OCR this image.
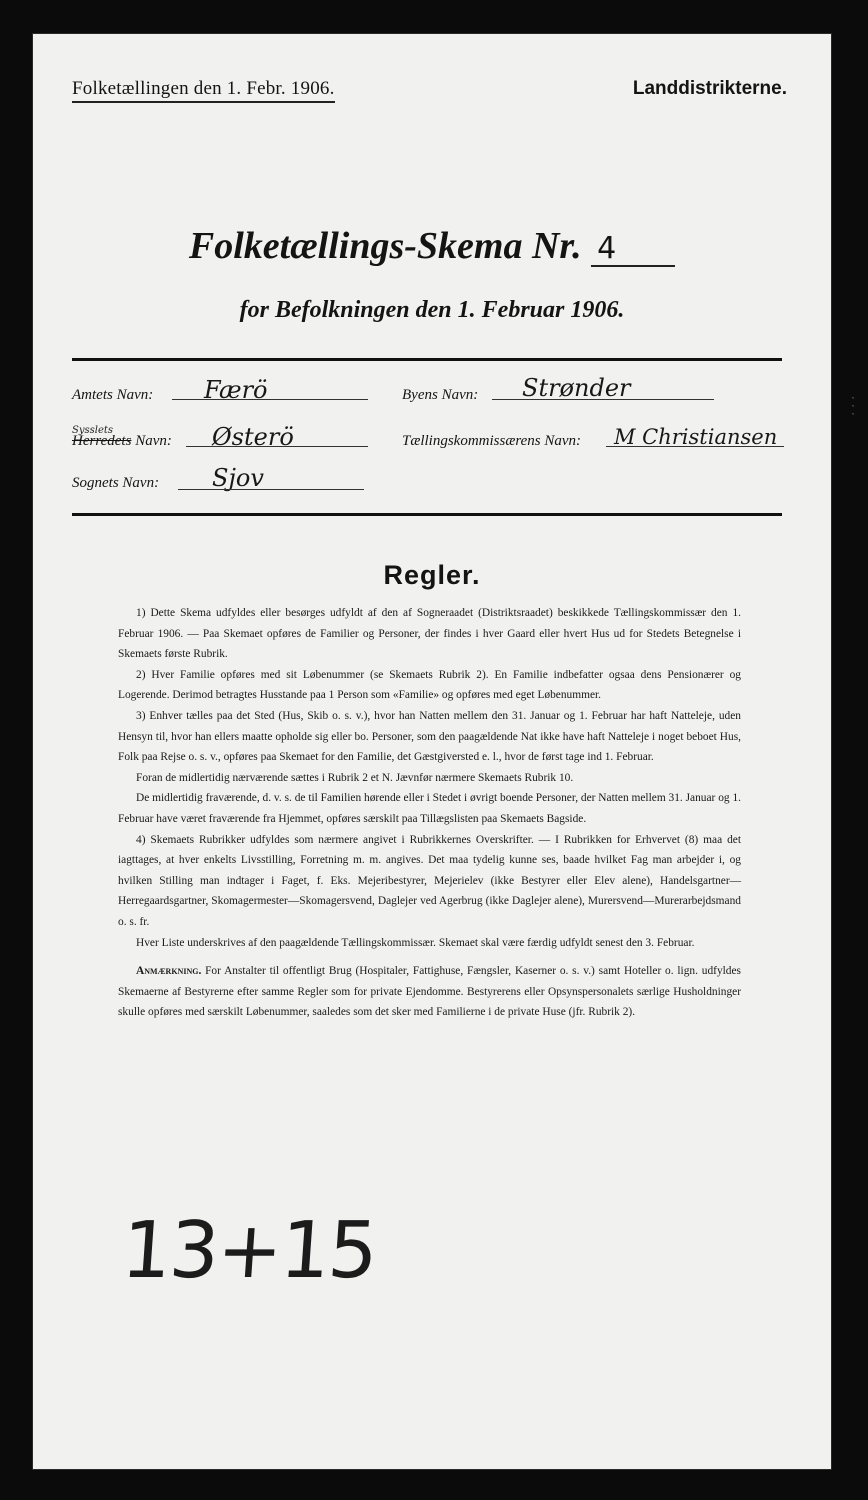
Folketællingen den 1. Febr. 1906.	Landdistrikterne.
Folketællings-Skema Nr. 4
for Befolkningen den 1. Februar 1906.
Amtets Navn: Færö	Byens Navn: Strønder
Herredets
Sysslets
Navn: Østerö	Tællingskommissærens Navn: M Christiansen
Sognets Navn: Sjov
Regler.

1) Dette Skema udfyldes eller besørges udfyldt af den af Sogneraadet (Distriktsraadet) beskikkede Tællingskommissær den 1. Februar 1906. — Paa Skemaet opføres de Familier og Personer, der findes i hver Gaard eller hvert Hus ud for Stedets Betegnelse i Skemaets første Rubrik.

2) Hver Familie opføres med sit Løbenummer (se Skemaets Rubrik 2). En Familie indbefatter ogsaa dens Pensionærer og Logerende. Derimod betragtes Husstande paa 1 Person som «Familie» og opføres med eget Løbenummer.

3) Enhver tælles paa det Sted (Hus, Skib o. s. v.), hvor han Natten mellem den 31. Januar og 1. Februar har haft Natteleje, uden Hensyn til, hvor han ellers maatte opholde sig eller bo. Personer, som den paagældende Nat ikke have haft Natteleje i noget beboet Hus, Folk paa Rejse o. s. v., opføres paa Skemaet for den Familie, det Gæstgiversted e. l., hvor de først tage ind 1. Februar.

Foran de midlertidig nærværende sættes i Rubrik 2 et N. Jævnfør nærmere Skemaets Rubrik 10.

De midlertidig fraværende, d. v. s. de til Familien hørende eller i Stedet i øvrigt boende Personer, der Natten mellem 31. Januar og 1. Februar have været fraværende fra Hjemmet, opføres særskilt paa Tillægslisten paa Skemaets Bagside.

4) Skemaets Rubrikker udfyldes som nærmere angivet i Rubrikkernes Overskrifter. — I Rubrikken for Erhvervet (8) maa det iagttages, at hver enkelts Livsstilling, Forretning m. m. angives. Det maa tydelig kunne ses, baade hvilket Fag man arbejder i, og hvilken Stilling man indtager i Faget, f. Eks. Mejeribestyrer, Mejerielev (ikke Bestyrer eller Elev alene), Handelsgartner—Herregaardsgartner, Skomagermester—Skomagersvend, Daglejer ved Agerbrug (ikke Daglejer alene), Murersvend—Murerarbejdsmand o. s. fr.

Hver Liste underskrives af den paagældende Tællingskommissær. Skemaet skal være færdig udfyldt senest den 3. Februar.

Anmærkning. For Anstalter til offentligt Brug (Hospitaler, Fattighuse, Fængsler, Kaserner o. s. v.) samt Hoteller o. lign. udfyldes Skemaerne af Bestyrerne efter samme Regler som for private Ejendomme. Bestyrerens eller Opsynspersonalets særlige Husholdninger skulle opføres med særskilt Løbenummer, saaledes som det sker med Familierne i de private Huse (jfr. Rubrik 2).

13+15
·
·
·
